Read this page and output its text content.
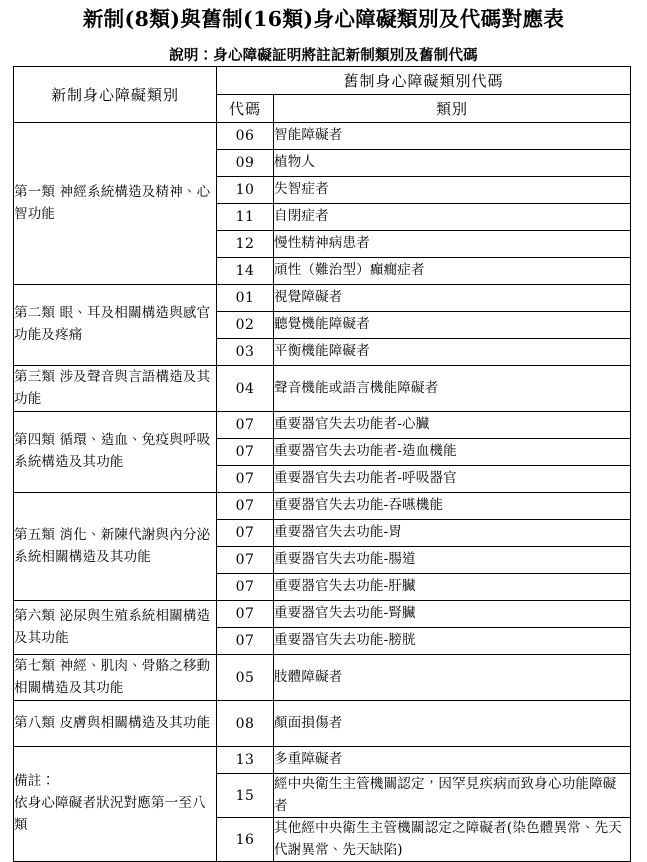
新制(8類)與舊制(16類)身心障礙類別及代碼對應表

說明：身心障礙証明將註記新制類別及舊制代碼

新制身心障礙類別	舊制身心障礙類別代碼	
	代碼	類別
第一類 神經系統構造及精神、心智功能	06	智能障礙者
	09	植物人
	10	失智症者
	11	自閉症者
	12	慢性精神病患者
	14	頑性（難治型）癲癇症者
第二類 眼、耳及相關構造與感官功能及疼痛	01	視覺障礙者
	02	聽覺機能障礙者
	03	平衡機能障礙者
第三類 涉及聲音與言語構造及其功能	04	聲音機能或語言機能障礙者
第四類 循環、造血、免疫與呼吸系統構造及其功能	07	重要器官失去功能者-心臟
	07	重要器官失去功能者-造血機能
	07	重要器官失去功能者-呼吸器官
第五類 消化、新陳代謝與內分泌系統相關構造及其功能	07	重要器官失去功能-吞嚥機能
	07	重要器官失去功能-胃
	07	重要器官失去功能-腸道
	07	重要器官失去功能-肝臟
第六類 泌尿與生殖系統相關構造及其功能	07	重要器官失去功能-腎臟
	07	重要器官失去功能-膀胱
第七類 神經、肌肉、骨骼之移動相關構造及其功能	05	肢體障礙者
第八類 皮膚與相關構造及其功能	08	顏面損傷者
備註：
依身心障礙者狀況對應第一至八類	13	多重障礙者
	15	經中央衛生主管機關認定，因罕見疾病而致身心功能障礙者
	16	其他經中央衛生主管機關認定之障礙者(染色體異常、先天代謝異常、先天缺陷)
